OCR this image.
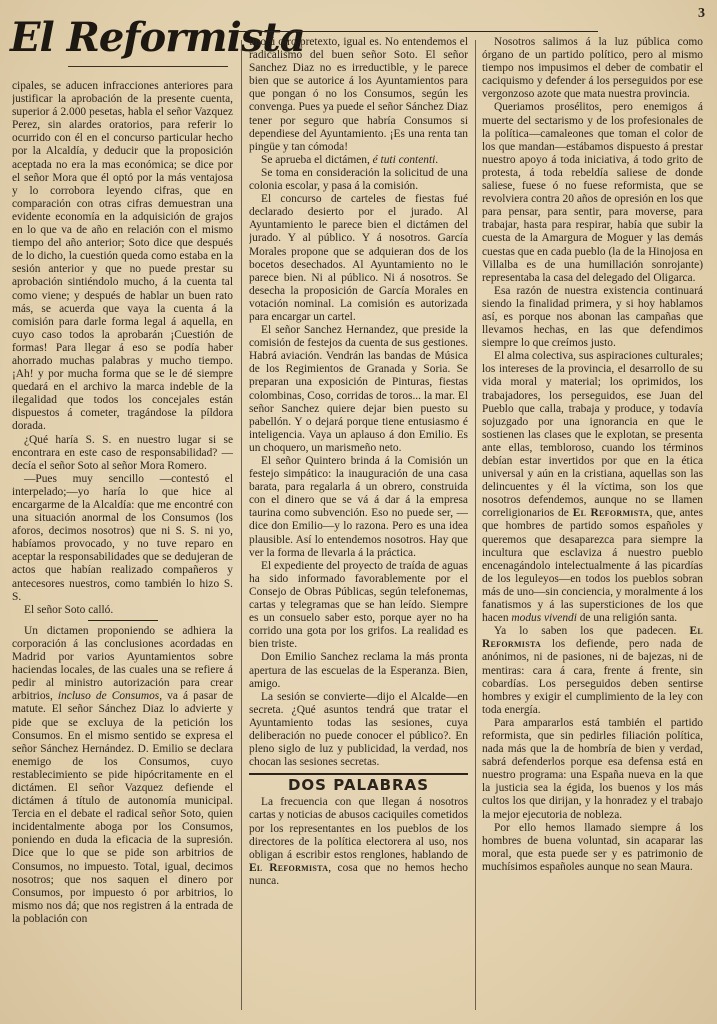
El Reformista
3

cipales, se aducen infracciones anteriores para justificar la aprobación de la presente cuenta, superior á 2.000 pesetas, habla el señor Vazquez Perez, sin alardes oratorios, para referir lo ocurrido con él en el concurso particular hecho por la Alcaldía, y deducir que la proposición aceptada no era la mas económica; se dice por el señor Mora que él optó por la más ventajosa y lo corrobora leyendo cifras, que en comparación con otras cifras demuestran una evidente economía en la adquisición de grajos en lo que va de año en relación con el mismo tiempo del año anterior; Soto dice que después de lo dicho, la cuestión queda como estaba en la sesión anterior y que no puede prestar su aprobación sintiéndolo mucho, á la cuenta tal como viene; y después de hablar un buen rato más, se acuerda que vaya la cuenta á la comisión para darle forma legal á aquella, en cuyo caso todos la aprobarán ¡Cuestión de formas! Para llegar á eso se podía haber ahorrado muchas palabras y mucho tiempo. ¡Ah! y por mucha forma que se le dé siempre quedará en el archivo la marca indeble de la ilegalidad que todos los concejales están dispuestos á cometer, tragándose la píldora dorada.

¿Qué haría S. S. en nuestro lugar si se encontrara en este caso de responsabilidad? —decía el señor Soto al señor Mora Romero.

—Pues muy sencillo —contestó el interpelado;—yo haría lo que hice al encargarme de la Alcaldía: que me encontré con una situación anormal de los Consumos (los aforos, decimos nosotros) que ni S. S. ni yo, habíamos provocado, y no tuve reparo en aceptar la responsabilidades que se dedujeran de actos que habían realizado compañeros y antecesores nuestros, como también lo hizo S. S.

El señor Soto calló.

Un dictamen proponiendo se adhiera la corporación á las conclusiones acordadas en Madrid por varios Ayuntamientos sobre haciendas locales, de las cuales una se refiere á pedir al ministro autorización para crear arbitrios, incluso de Consumos, va á pasar de matute. El señor Sánchez Diaz lo advierte y pide que se excluya de la petición los Consumos. En el mismo sentido se expresa el señor Sánchez Hernández. D. Emilio se declara enemigo de los Consumos, cuyo restablecimiento se pide hipócritamente en el dictámen. El señor Vazquez defiende el dictámen á título de autonomía municipal. Tercia en el debate el radical señor Soto, quien incidentalmente aboga por los Consumos, poniendo en duda la eficacia de la supresión. Dice que lo que se pide son arbitrios de Consumos, no impuesto. Total, igual, decimos nosotros; que nos saquen el dinero por Consumos, por impuesto ó por arbitrios, lo mismo nos dá; que nos registren á la entrada de la población con

uno ú otro pretexto, igual es. No entendemos el radicalismo del buen señor Soto. El señor Sanchez Diaz no es irreductible, y le parece bien que se autorice á los Ayuntamientos para que pongan ó no los Consumos, según les convenga. Pues ya puede el señor Sánchez Diaz tener por seguro que habría Consumos si dependiese del Ayuntamiento. ¡Es una renta tan pingüe y tan cómoda!

Se aprueba el dictámen, é tuti contenti.

Se toma en consideración la solicitud de una colonia escolar, y pasa á la comisión.

El concurso de carteles de fiestas fué declarado desierto por el jurado. Al Ayuntamiento le parece bien el dictámen del jurado. Y al público. Y á nosotros. García Morales propone que se adquieran dos de los bocetos desechados. Al Ayuntamiento no le parece bien. Ni al público. Ni á nosotros. Se desecha la proposición de García Morales en votación nominal. La comisión es autorizada para encargar un cartel.

El señor Sanchez Hernandez, que preside la comisión de festejos da cuenta de sus gestiones. Habrá aviación. Vendrán las bandas de Música de los Regimientos de Granada y Soria. Se preparan una exposición de Pinturas, fiestas colombinas, Coso, corridas de toros... la mar. El señor Sanchez quiere dejar bien puesto su pabellón. Y o dejará porque tiene entusiasmo é inteligencia. Vaya un aplauso á don Emilio. Es un choquero, un marismeño neto.

El señor Quintero brinda á la Comisión un festejo simpático: la inauguración de una casa barata, para regalarla á un obrero, construida con el dinero que se vá á dar á la empresa taurina como subvención. Eso no puede ser, —dice don Emilio—y lo razona. Pero es una idea plausible. Así lo entendemos nosotros. Hay que ver la forma de llevarla á la práctica.

El expediente del proyecto de traída de aguas ha sido informado favorablemente por el Consejo de Obras Públicas, según telefonemas, cartas y telegramas que se han leído. Siempre es un consuelo saber esto, porque ayer no ha corrido una gota por los grifos. La realidad es bien triste.

Don Emilio Sanchez reclama la más pronta apertura de las escuelas de la Esperanza. Bien, amigo.

La sesión se convierte—dijo el Alcalde—en secreta. ¿Qué asuntos tendrá que tratar el Ayuntamiento todas las sesiones, cuya deliberación no puede conocer el público?. En pleno siglo de luz y publicidad, la verdad, nos chocan las sesiones secretas.

DOS PALABRAS

La frecuencia con que llegan á nosotros cartas y noticias de abusos caciquiles cometidos por los representantes en los pueblos de los directores de la política electorera al uso, nos obligan á escribir estos renglones, hablando de El Reformista, cosa que no hemos hecho nunca.

Nosotros salimos á la luz pública como órgano de un partido político, pero al mismo tiempo nos impusimos el deber de combatir el caciquismo y defender á los perseguidos por ese vergonzoso azote que mata nuestra provincia.

Queriamos prosélitos, pero enemigos á muerte del sectarismo y de los profesionales de la política—camaleones que toman el color de los que mandan—estábamos dispuesto á prestar nuestro apoyo á toda iniciativa, á todo grito de protesta, á toda rebeldía saliese de donde saliese, fuese ó no fuese reformista, que se revolviera contra 20 años de opresión en los que para pensar, para sentir, para moverse, para trabajar, hasta para respirar, había que subir la cuesta de la Amargura de Moguer y las demás cuestas que en cada pueblo (la de la Hinojosa en Villalba es de una humillación sonrojante) representaba la casa del delegado del Oligarca.

Esa razón de nuestra existencia continuará siendo la finalidad primera, y si hoy hablamos así, es porque nos abonan las campañas que llevamos hechas, en las que defendimos siempre lo que creímos justo.

El alma colectiva, sus aspiraciones culturales; los intereses de la provincia, el desarrollo de su vida moral y material; los oprimidos, los trabajadores, los perseguidos, ese Juan del Pueblo que calla, trabaja y produce, y todavía sojuzgado por una ignorancia en que le sostienen las clases que le explotan, se presenta ante ellas, tembloroso, cuando los términos debían estar invertidos por que en la ética universal y aún en la cristiana, aquellas son las delincuentes y él la víctima, son los que nosotros defendemos, aunque no se llamen correligionarios de El Reformista, que, antes que hombres de partido somos españoles y queremos que desaparezca para siempre la incultura que esclaviza á nuestro pueblo encenagándolo intelectualmente á las picardías de los leguleyos—en todos los pueblos sobran más de uno—sin conciencia, y moralmente á los fanatismos y á las supersticiones de los que hacen modus vivendi de una religión santa.

Ya lo saben los que padecen. El Reformista los defiende, pero nada de anónimos, ni de pasiones, ni de bajezas, ni de mentiras: cara á cara, frente á frente, sin cobardías. Los perseguidos deben sentirse hombres y exigir el cumplimiento de la ley con toda energía.

Para ampararlos está también el partido reformista, que sin pedirles filiación política, nada más que la de hombría de bien y verdad, sabrá defenderlos porque esa defensa está en nuestro programa: una España nueva en la que la justicia sea la égida, los buenos y los más cultos los que dirijan, y la honradez y el trabajo la mejor ejecutoria de nobleza.

Por ello hemos llamado siempre á los hombres de buena voluntad, sin acaparar las moral, que esta puede ser y es patrimonio de muchísimos españoles aunque no sean Maura.
